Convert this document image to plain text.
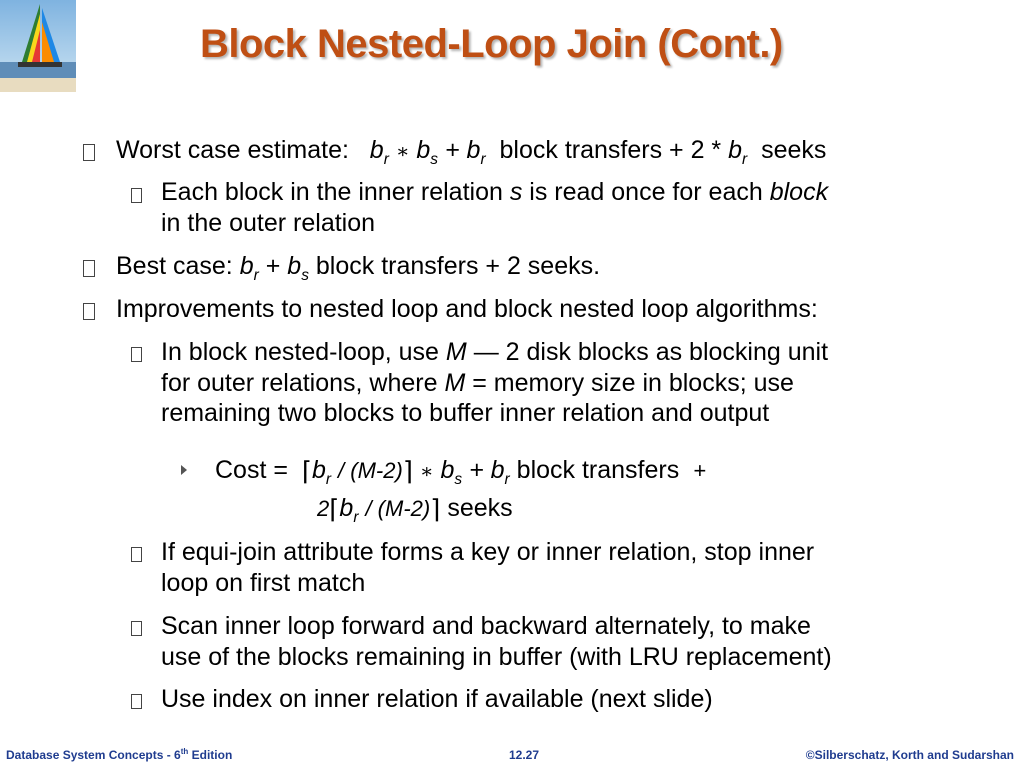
Block Nested-Loop Join (Cont.)
Worst case estimate: $b_r$ ∗ $b_s + b_r$ block transfers + $2 * b_r$ seeks
Each block in the inner relation s is read once for each block
in the outer relation
Best case: $b_r + b_s$ block transfers + 2 seeks.
Improvements to nested loop and block nested loop algorithms:
In block nested-loop, use M — 2 disk blocks as blocking unit
for outer relations, where M = memory size in blocks; use
remaining two blocks to buffer inner relation and output
Cost = $⌈b_r$ / (M-2)⌉ ∗ $b_s + b_r$ block transfers +
$2⌈b_r$ / (M-2)⌉ seeks
If equi-join attribute forms a key or inner relation, stop inner
loop on first match
Scan inner loop forward and backward alternately, to make
use of the blocks remaining in buffer (with LRU replacement)
Use index on inner relation if available (next slide)
Database System Concepts - 6th Edition	12.27	©Silberschatz, Korth and Sudarshan
